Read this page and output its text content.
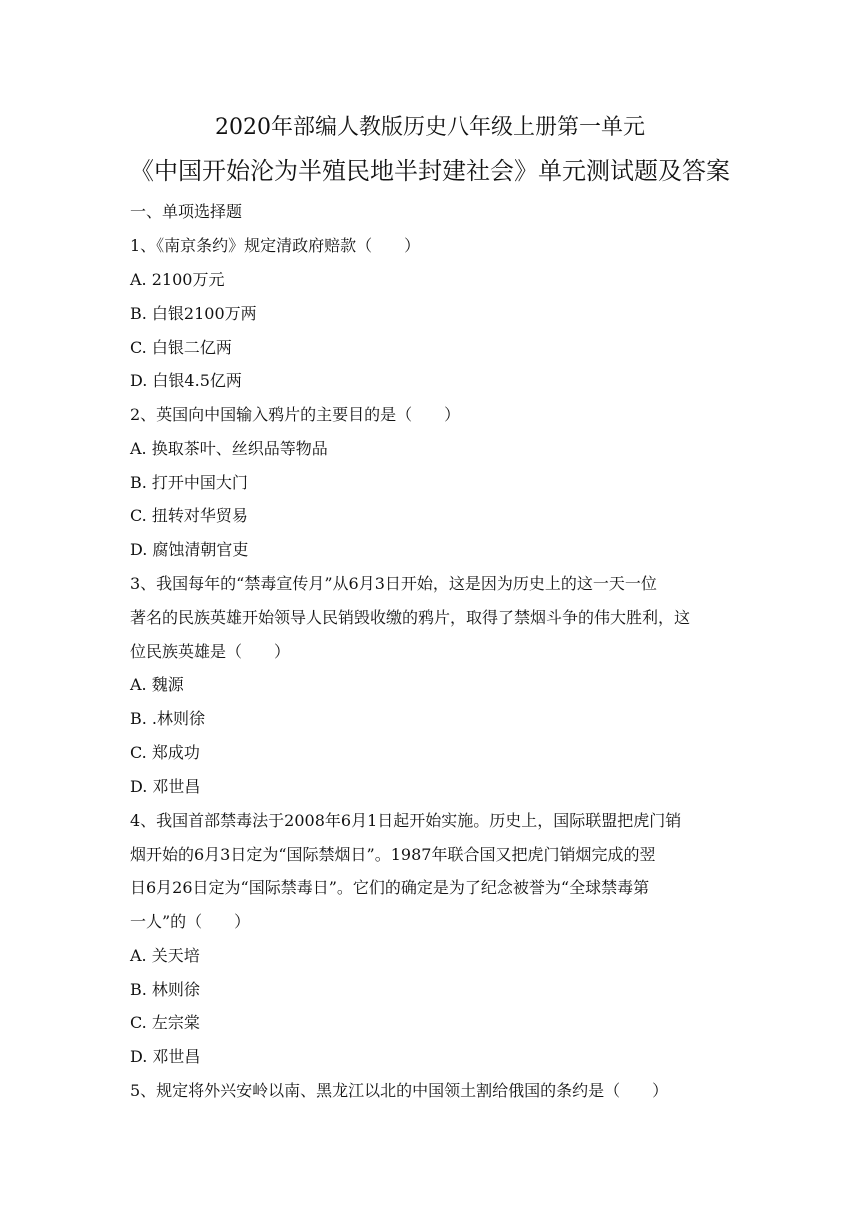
2020年部编人教版历史八年级上册第一单元
《中国开始沦为半殖民地半封建社会》单元测试题及答案
一、单项选择题
1、《南京条约》规定清政府赔款（　　）
A. 2100万元
B. 白银2100万两
C. 白银二亿两
D. 白银4.5亿两
2、英国向中国输入鸦片的主要目的是（　　）
A. 换取茶叶、丝织品等物品
B. 打开中国大门
C. 扭转对华贸易
D. 腐蚀清朝官吏
3、我国每年的“禁毒宣传月”从6月3日开始，这是因为历史上的这一天一位
著名的民族英雄开始领导人民销毁收缴的鸦片，取得了禁烟斗争的伟大胜利，这
位民族英雄是（　　）
A. 魏源
B. .林则徐
C. 郑成功
D. 邓世昌
4、我国首部禁毒法于2008年6月1日起开始实施。历史上，国际联盟把虎门销
烟开始的6月3日定为“国际禁烟日”。1987年联合国又把虎门销烟完成的翌
日6月26日定为“国际禁毒日”。它们的确定是为了纪念被誉为“全球禁毒第
一人”的（　　）
A. 关天培
B. 林则徐
C. 左宗棠
D. 邓世昌
5、规定将外兴安岭以南、黑龙江以北的中国领土割给俄国的条约是（　　）
